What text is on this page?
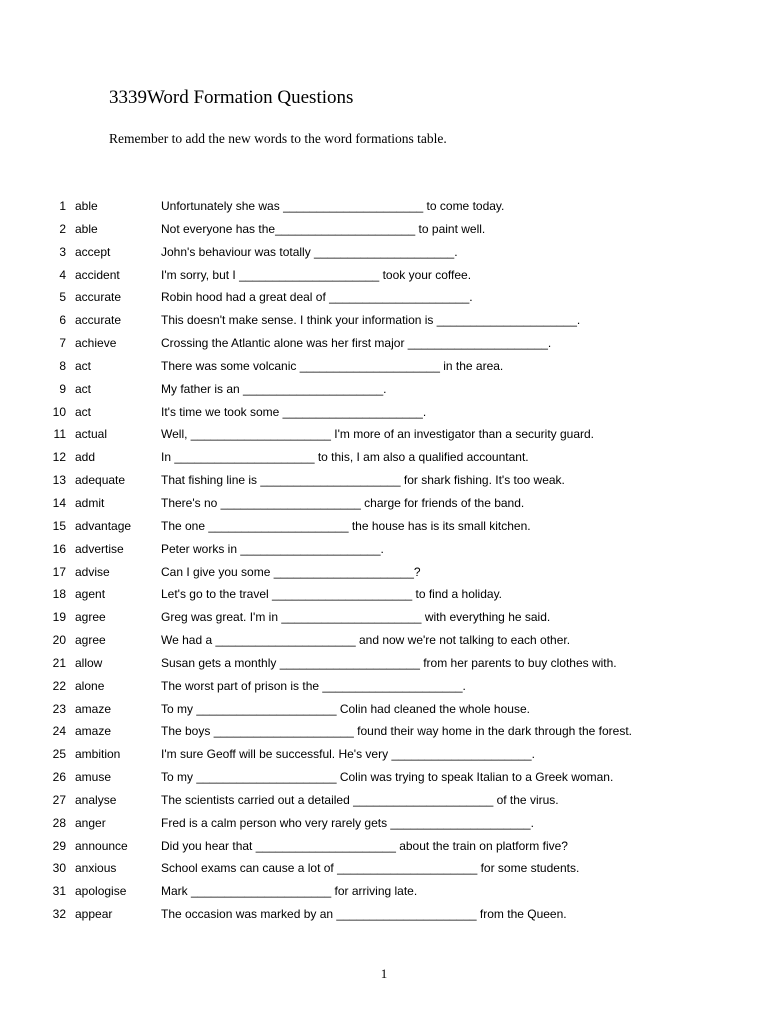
3339Word Formation Questions
Remember to add the new words to the word formations table.
1 able	Unfortunately she was _____________________ to come today.
2 able	Not everyone has the_____________________ to paint well.
3 accept	John's behaviour was totally _____________________.
4 accident	I'm sorry, but I _____________________ took your coffee.
5 accurate	Robin hood had a great deal of _____________________.
6 accurate	This doesn't make sense. I think your information is _____________________.
7 achieve	Crossing the Atlantic alone was her first major _____________________.
8 act	There was some volcanic _____________________ in the area.
9 act	My father is an _____________________.
10 act	It's time we took some _____________________.
11 actual	Well, _____________________ I'm more of an investigator than a security guard.
12 add	In _____________________ to this, I am also a qualified accountant.
13 adequate	That fishing line is _____________________ for shark fishing. It's too weak.
14 admit	There's no _____________________ charge for friends of the band.
15 advantage The one _____________________ the house has is its small kitchen.
16 advertise	Peter works in _____________________.
17 advise	Can I give you some _____________________?
18 agent	Let's go to the travel _____________________ to find a holiday.
19 agree	Greg was great. I'm in _____________________ with everything he said.
20 agree	We had a _____________________ and now we're not talking to each other.
21 allow	Susan gets a monthly _____________________ from her parents to buy clothes with.
22 alone	The worst part of prison is the _____________________.
23 amaze	To my _____________________ Colin had cleaned the whole house.
24 amaze	The boys _____________________ found their way home in the dark through the forest.
25 ambition	I'm sure Geoff will be successful. He's very _____________________.
26 amuse	To my _____________________ Colin was trying to speak Italian to a Greek woman.
27 analyse	The scientists carried out a detailed _____________________ of the virus.
28 anger	Fred is a calm person who very rarely gets _____________________.
29 announce	Did you hear that _____________________ about the train on platform five?
30 anxious	School exams can cause a lot of _____________________ for some students.
31 apologise	Mark _____________________ for arriving late.
32 appear	The occasion was marked by an _____________________ from the Queen.
1
